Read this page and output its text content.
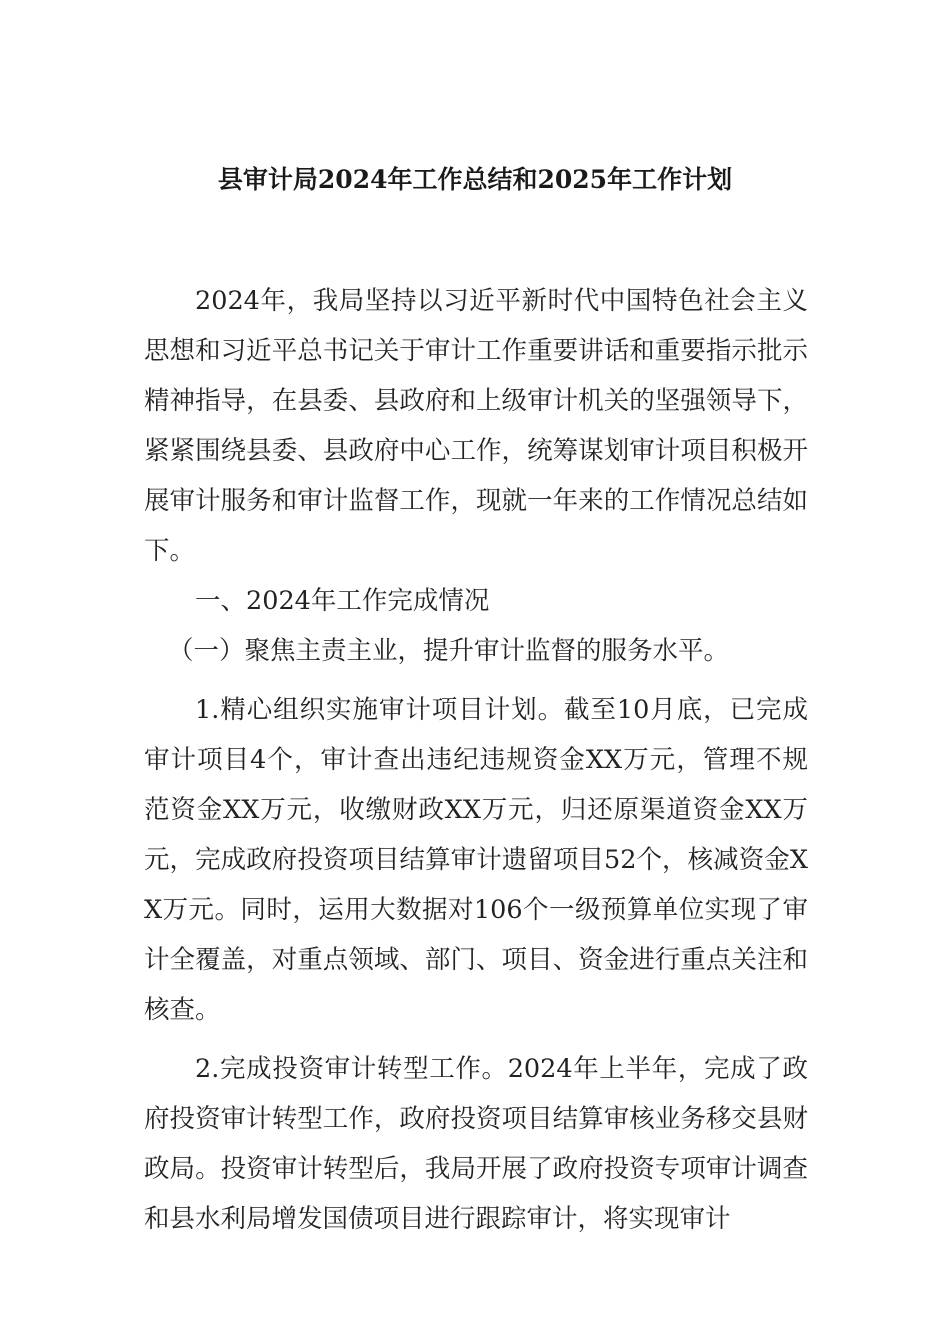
县审计局2024年工作总结和2025年工作计划

2024年，我局坚持以习近平新时代中国特色社会主义思想和习近平总书记关于审计工作重要讲话和重要指示批示精神指导，在县委、县政府和上级审计机关的坚强领导下，紧紧围绕县委、县政府中心工作，统筹谋划审计项目积极开展审计服务和审计监督工作，现就一年来的工作情况总结如下。

一、2024年工作完成情况

（一）聚焦主责主业，提升审计监督的服务水平。

1.精心组织实施审计项目计划。截至10月底，已完成审计项目4个，审计查出违纪违规资金XX万元，管理不规范资金XX万元，收缴财政XX万元，归还原渠道资金XX万元，完成政府投资项目结算审计遗留项目52个，核减资金XX万元。同时，运用大数据对106个一级预算单位实现了审计全覆盖，对重点领域、部门、项目、资金进行重点关注和核查。

2.完成投资审计转型工作。2024年上半年，完成了政府投资审计转型工作，政府投资项目结算审核业务移交县财政局。投资审计转型后，我局开展了政府投资专项审计调查和县水利局增发国债项目进行跟踪审计，将实现审计
